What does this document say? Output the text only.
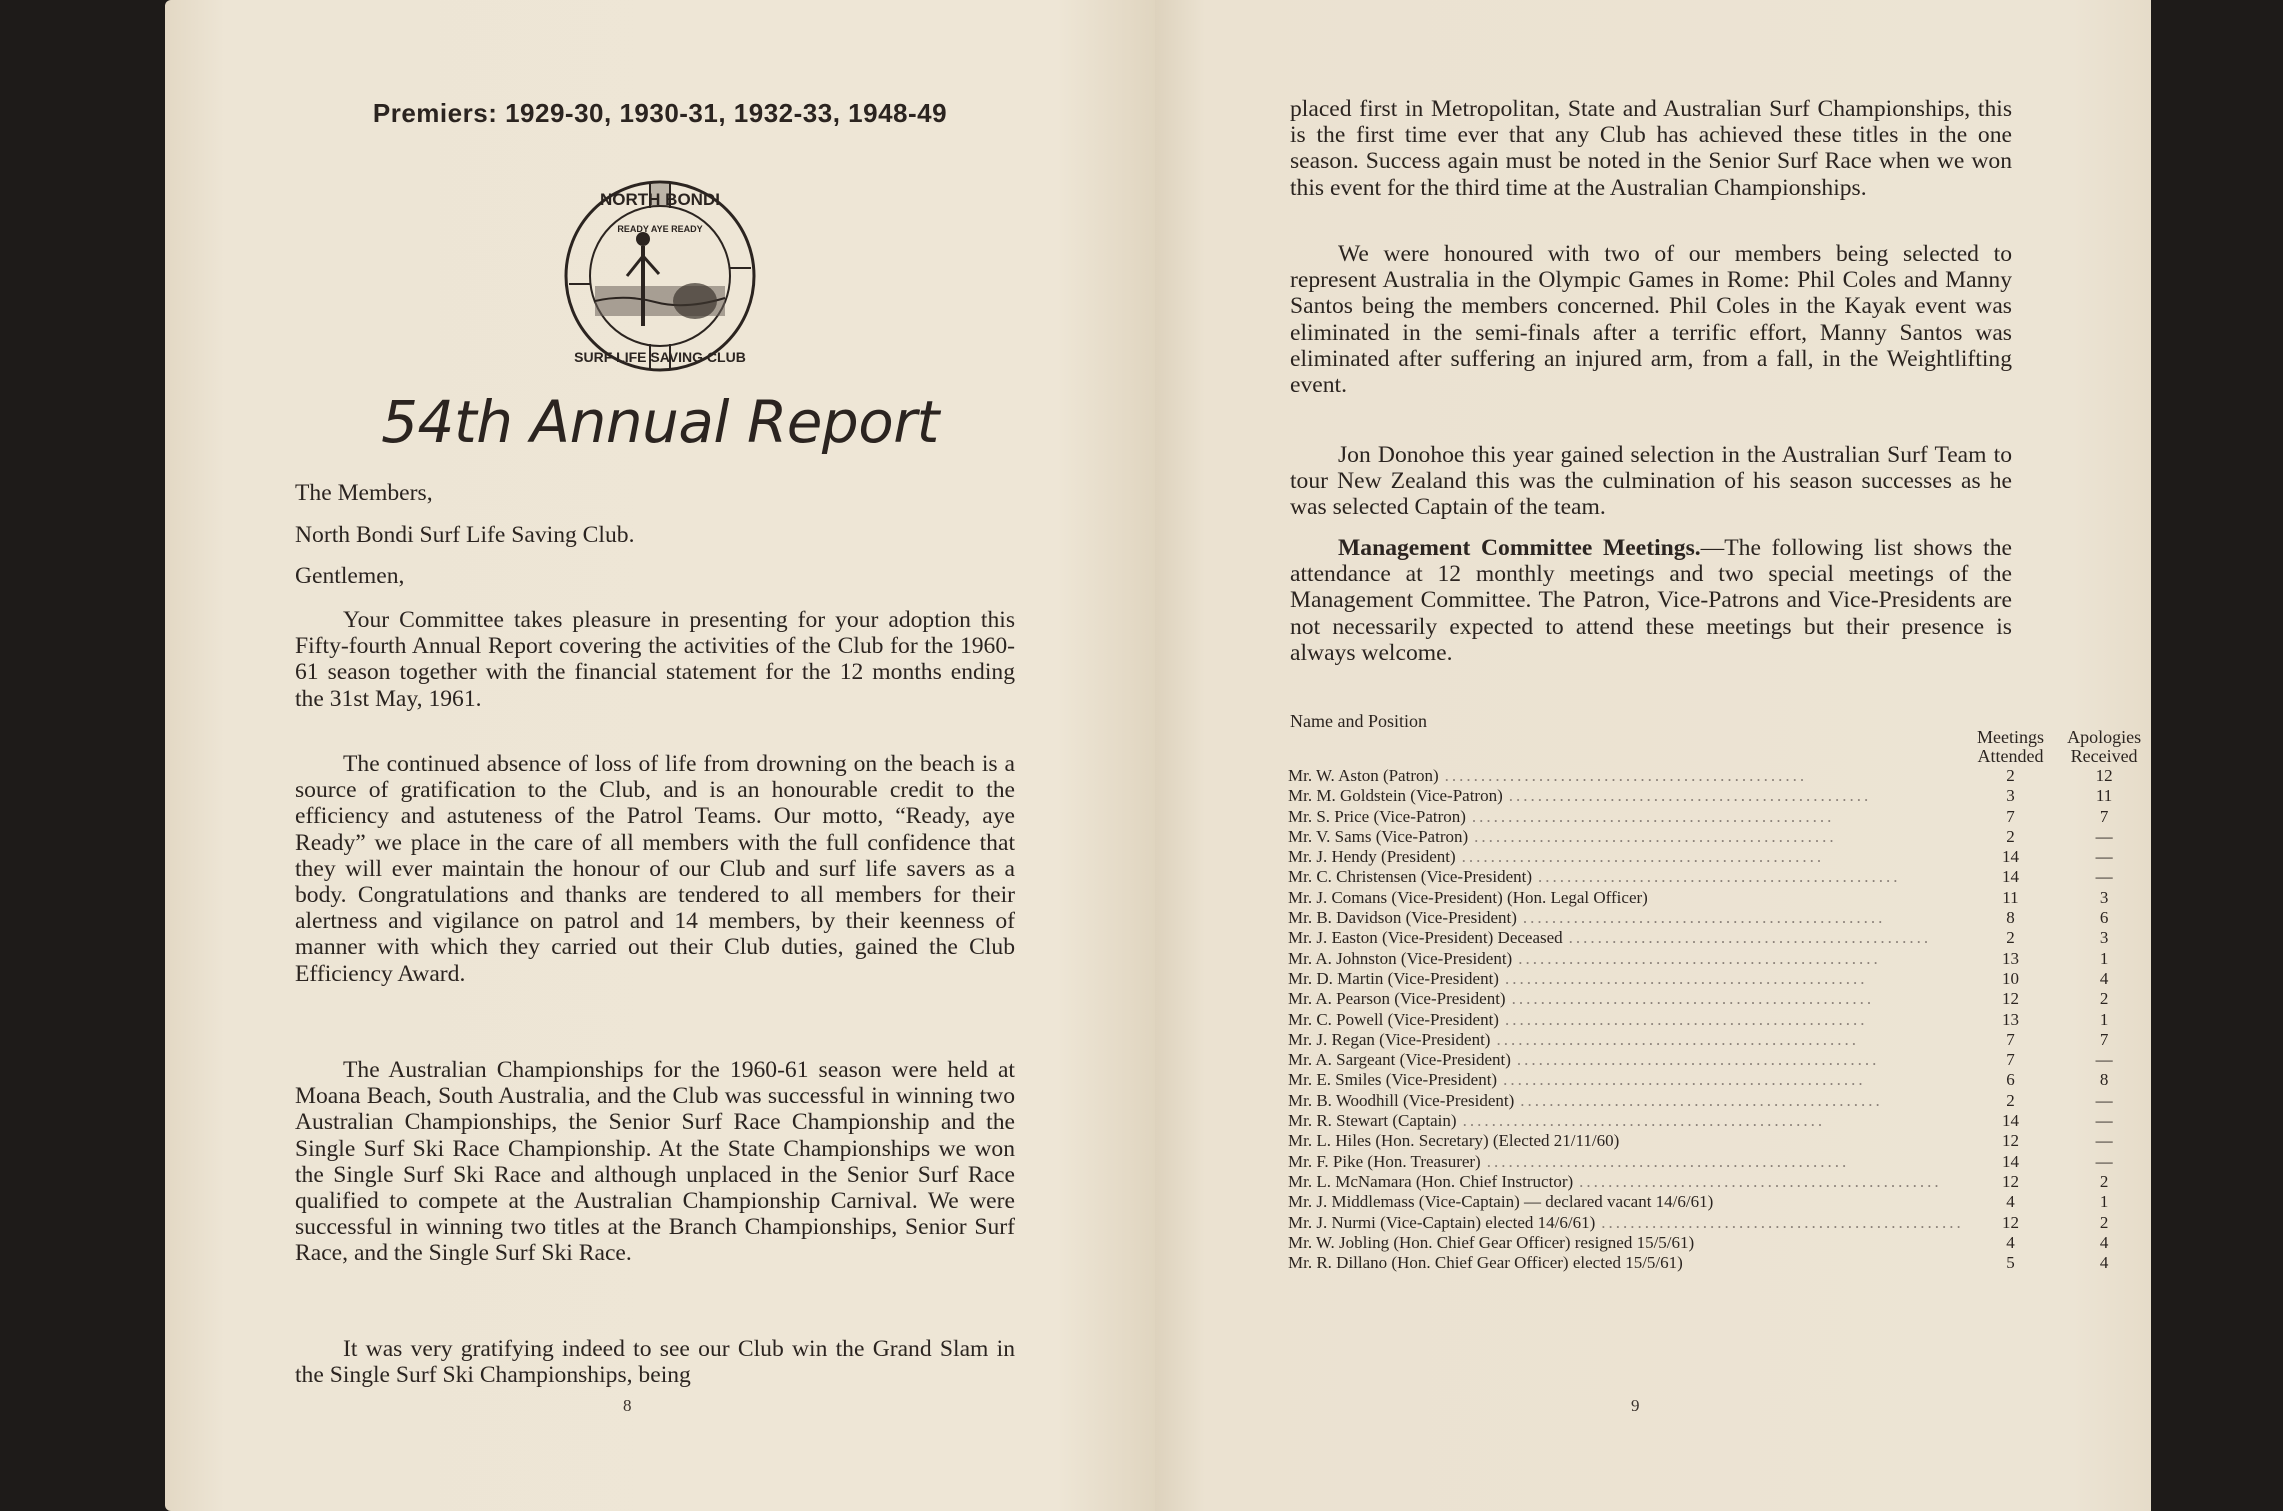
Premiers: 1929-30, 1930-31, 1932-33, 1948-49
NORTH BONDI
READY AYE READY
SURF LIFE SAVING CLUB
54th Annual Report
The Members,
North Bondi Surf Life Saving Club.
Gentlemen,

Your Committee takes pleasure in presenting for your adoption this Fifty-fourth Annual Report covering the activities of the Club for the 1960-61 season together with the financial statement for the 12 months ending the 31st May, 1961.

The continued absence of loss of life from drowning on the beach is a source of gratification to the Club, and is an honourable credit to the efficiency and astuteness of the Patrol Teams. Our motto, “Ready, aye Ready” we place in the care of all members with the full confidence that they will ever maintain the honour of our Club and surf life savers as a body. Congratulations and thanks are tendered to all members for their alertness and vigilance on patrol and 14 members, by their keenness of manner with which they carried out their Club duties, gained the Club Efficiency Award.

The Australian Championships for the 1960-61 season were held at Moana Beach, South Australia, and the Club was successful in winning two Australian Championships, the Senior Surf Race Championship and the Single Surf Ski Race Championship. At the State Championships we won the Single Surf Ski Race and although unplaced in the Senior Surf Race qualified to compete at the Australian Championship Carnival. We were successful in winning two titles at the Branch Championships, Senior Surf Race, and the Single Surf Ski Race.

It was very gratifying indeed to see our Club win the Grand Slam in the Single Surf Ski Championships, being

8

placed first in Metropolitan, State and Australian Surf Championships, this is the first time ever that any Club has achieved these titles in the one season. Success again must be noted in the Senior Surf Race when we won this event for the third time at the Australian Championships.

We were honoured with two of our members being selected to represent Australia in the Olympic Games in Rome: Phil Coles and Manny Santos being the members concerned. Phil Coles in the Kayak event was eliminated in the semi-finals after a terrific effort, Manny Santos was eliminated after suffering an injured arm, from a fall, in the Weightlifting event.

Jon Donohoe this year gained selection in the Australian Surf Team to tour New Zealand this was the culmination of his season successes as he was selected Captain of the team.

Management Committee Meetings.—The following list shows the attendance at 12 monthly meetings and two special meetings of the Management Committee. The Patron, Vice-Patrons and Vice-Presidents are not necessarily expected to attend these meetings but their presence is always welcome.

Name and Position
	Meetings Attended	Apologies Received

Mr. W. Aston (Patron) ..................................................	2	12

Mr. M. Goldstein (Vice-Patron) ..................................................	3	11

Mr. S. Price (Vice-Patron) ..................................................	7	7

Mr. V. Sams (Vice-Patron) ..................................................	2	—

Mr. J. Hendy (President) ..................................................	14	—

Mr. C. Christensen (Vice-President) ..................................................	14	—
Mr. J. Comans (Vice-President) (Hon. Legal Officer)	11	3

Mr. B. Davidson (Vice-President) ..................................................	8	6

Mr. J. Easton (Vice-President) Deceased ..................................................	2	3

Mr. A. Johnston (Vice-President) ..................................................	13	1

Mr. D. Martin (Vice-President) ..................................................	10	4

Mr. A. Pearson (Vice-President) ..................................................	12	2

Mr. C. Powell (Vice-President) ..................................................	13	1

Mr. J. Regan (Vice-President) ..................................................	7	7

Mr. A. Sargeant (Vice-President) ..................................................	7	—

Mr. E. Smiles (Vice-President) ..................................................	6	8

Mr. B. Woodhill (Vice-President) ..................................................	2	—

Mr. R. Stewart (Captain) ..................................................	14	—
Mr. L. Hiles (Hon. Secretary) (Elected 21/11/60)	12	—

Mr. F. Pike (Hon. Treasurer) ..................................................	14	—

Mr. L. McNamara (Hon. Chief Instructor) ..................................................	12	2
Mr. J. Middlemass (Vice-Captain) — declared vacant 14/6/61)	4	1

Mr. J. Nurmi (Vice-Captain) elected 14/6/61) ..................................................	12	2
Mr. W. Jobling (Hon. Chief Gear Officer) resigned 15/5/61)	4	4
Mr. R. Dillano (Hon. Chief Gear Officer) elected 15/5/61)	5	4
9
